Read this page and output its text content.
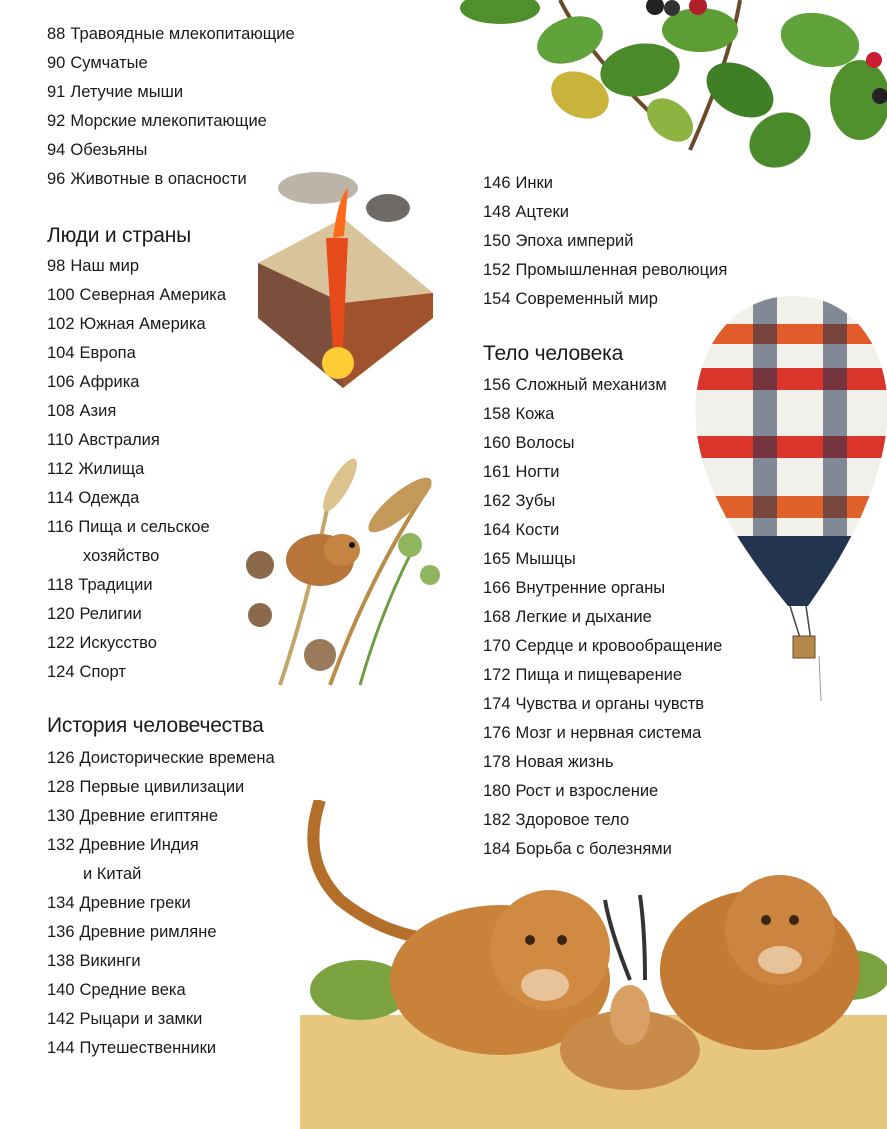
88 Травоядные млекопитающие
90 Сумчатые
91 Летучие мыши
92 Морские млекопитающие
94 Обезьяны
96 Животные в опасности
Люди и страны
98 Наш мир
100 Северная Америка
102 Южная Америка
104 Европа
106 Африка
108 Азия
110 Австралия
112 Жилища
114 Одежда
116 Пища и сельское
хозяйство
118 Традиции
120 Религии
122 Искусство
124 Спорт
История человечества
126 Доисторические времена
128 Первые цивилизации
130 Древние египтяне
132 Древние Индия
и Китай
134 Древние греки
136 Древние римляне
138 Викинги
140 Средние века
142 Рыцари и замки
144 Путешественники
146 Инки
148 Ацтеки
150 Эпоха империй
152 Промышленная революция
154 Современный мир
Тело человека
156 Сложный механизм
158 Кожа
160 Волосы
161 Ногти
162 Зубы
164 Кости
165 Мышцы
166 Внутренние органы
168 Легкие и дыхание
170 Сердце и кровообращение
172 Пища и пищеварение
174 Чувства и органы чувств
176 Мозг и нервная система
178 Новая жизнь
180 Рост и взросление
182 Здоровое тело
184 Борьба с болезнями
